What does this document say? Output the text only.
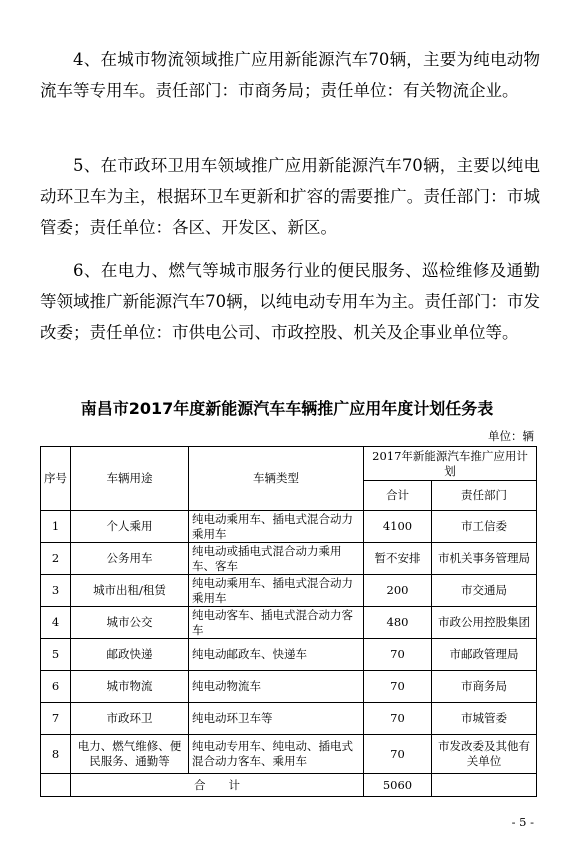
4、在城市物流领域推广应用新能源汽车70辆，主要为纯电动物流车等专用车。责任部门：市商务局；责任单位：有关物流企业。

5、在市政环卫用车领域推广应用新能源汽车70辆，主要以纯电动环卫车为主，根据环卫车更新和扩容的需要推广。责任部门：市城管委；责任单位：各区、开发区、新区。

6、在电力、燃气等城市服务行业的便民服务、巡检维修及通勤等领域推广新能源汽车70辆，以纯电动专用车为主。责任部门：市发改委；责任单位：市供电公司、市政控股、机关及企事业单位等。

南昌市2017年度新能源汽车车辆推广应用年度计划任务表
单位：辆
序号	车辆用途	车辆类型	2017年新能源汽车推广应用计划	
			合计	责任部门
1	个人乘用	纯电动乘用车、插电式混合动力乘用车	4100	市工信委
2	公务用车	纯电动或插电式混合动力乘用车、客车	暂不安排	市机关事务管理局
3	城市出租/租赁	纯电动乘用车、插电式混合动力乘用车	200	市交通局
4	城市公交	纯电动客车、插电式混合动力客车	480	市政公用控股集团
5	邮政快递	纯电动邮政车、快递车	70	市邮政管理局
6	城市物流	纯电动物流车	70	市商务局
7	市政环卫	纯电动环卫车等	70	市城管委
8	电力、燃气维修、便民服务、通勤等	纯电动专用车、纯电动、插电式混合动力客车、乘用车	70	市发改委及其他有关单位
	合　　计		5060	
- 5 -
